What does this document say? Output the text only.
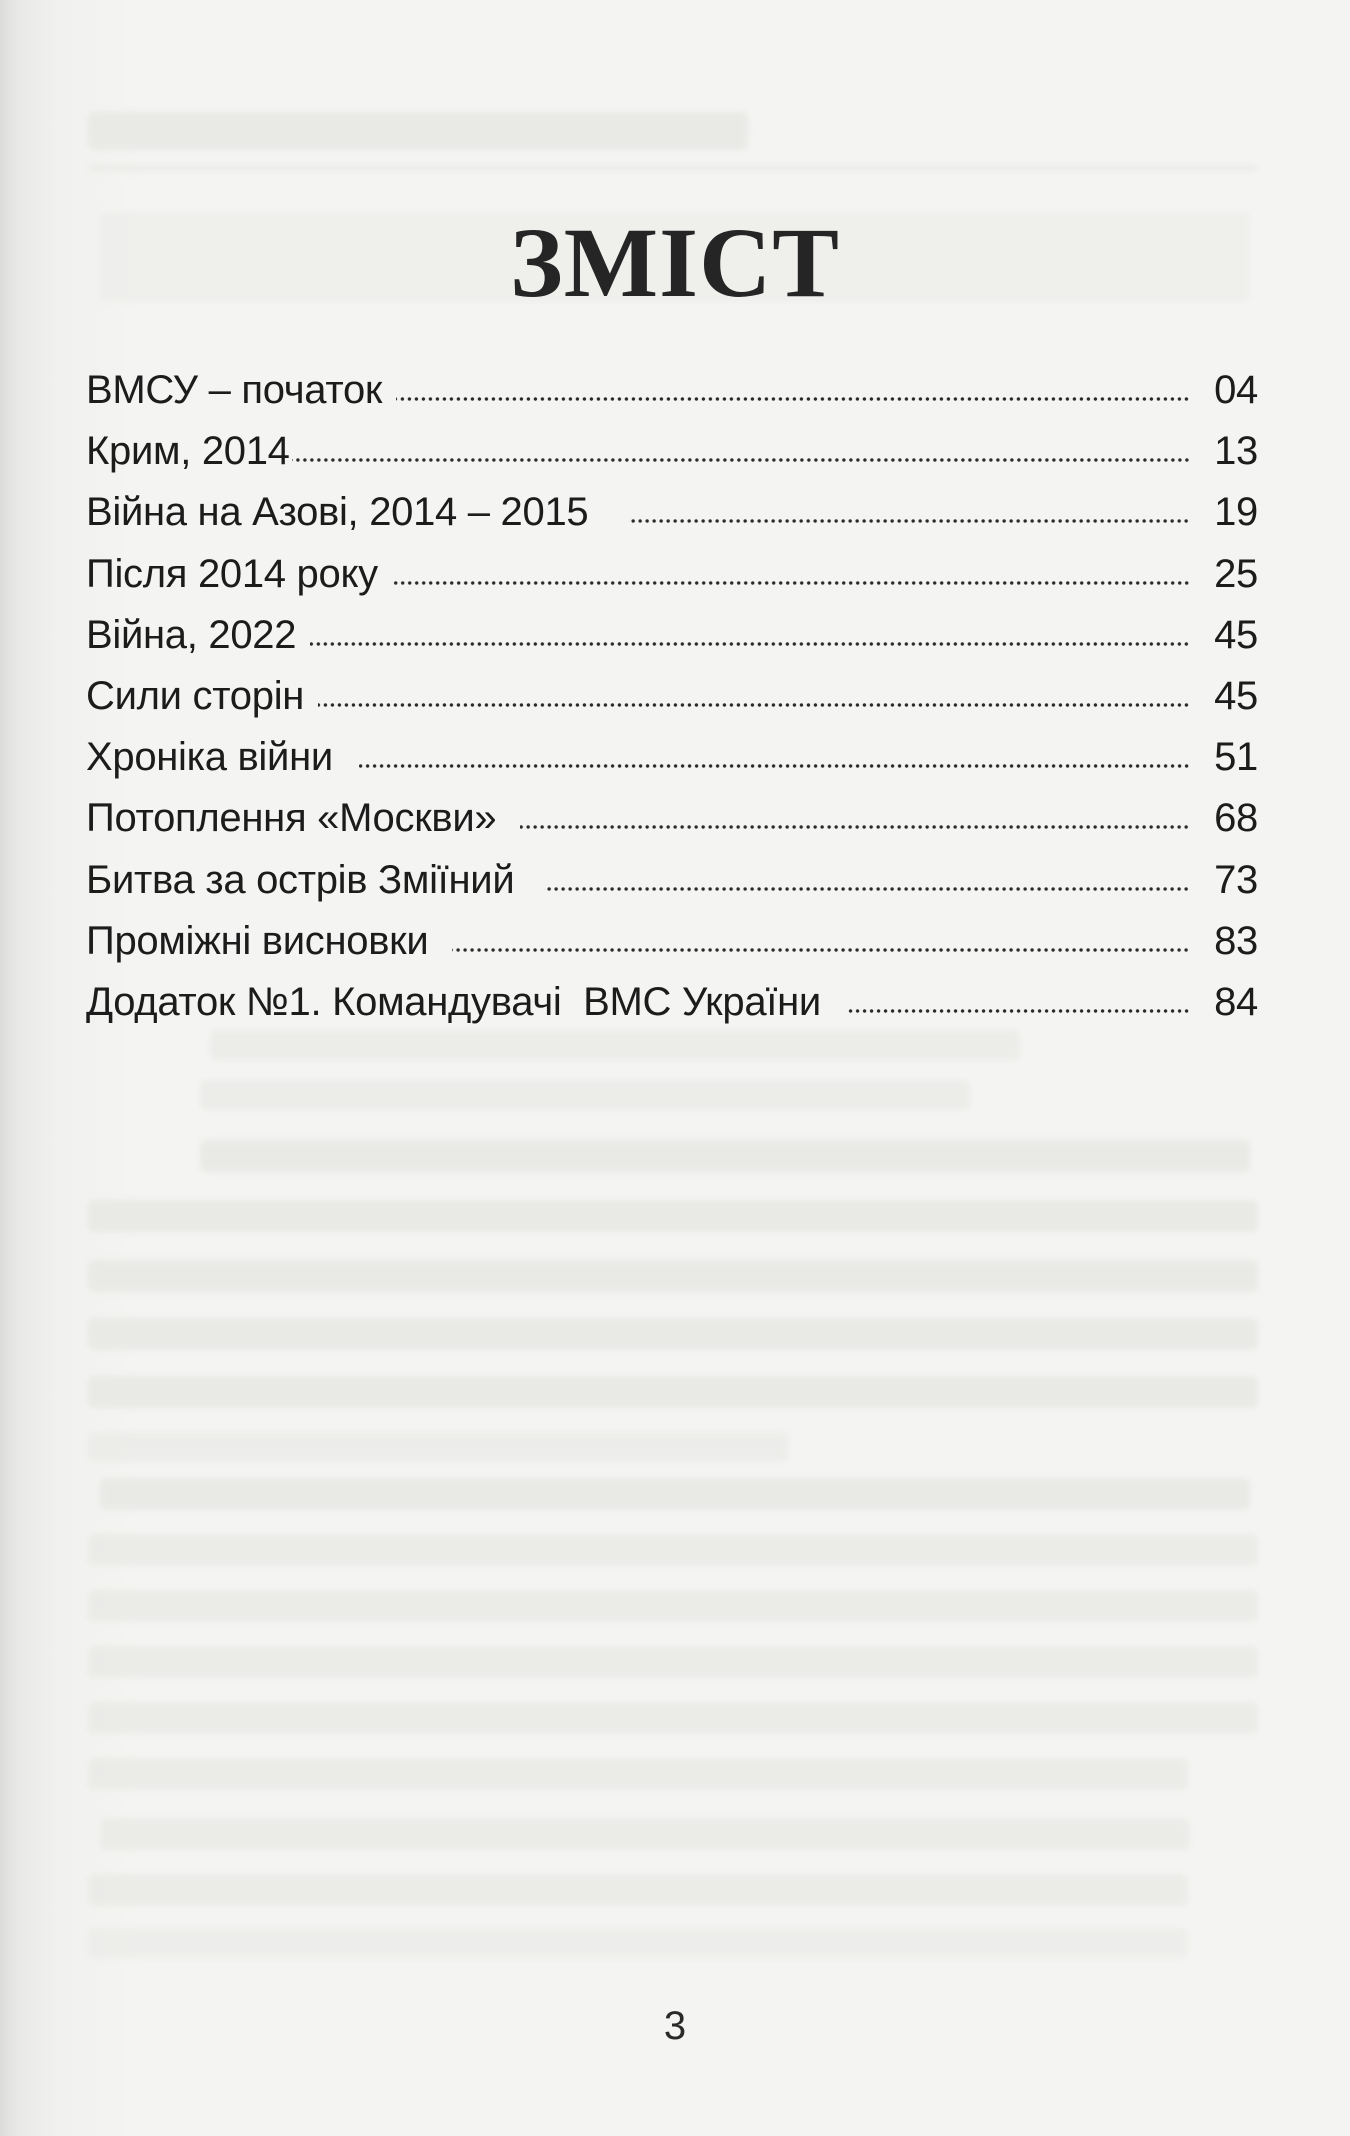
ЗМІСТ
ВМСУ – початок	04
Крим, 2014	13
Війна на Азові, 2014 – 2015	19
Після 2014 року	25
Війна, 2022	45
Сили сторін	45
Хроніка війни	51
Потоплення «Москви»	68
Битва за острів Зміїний	73
Проміжні висновки	83
Додаток №1. Командувачі  ВМС України	84
3
